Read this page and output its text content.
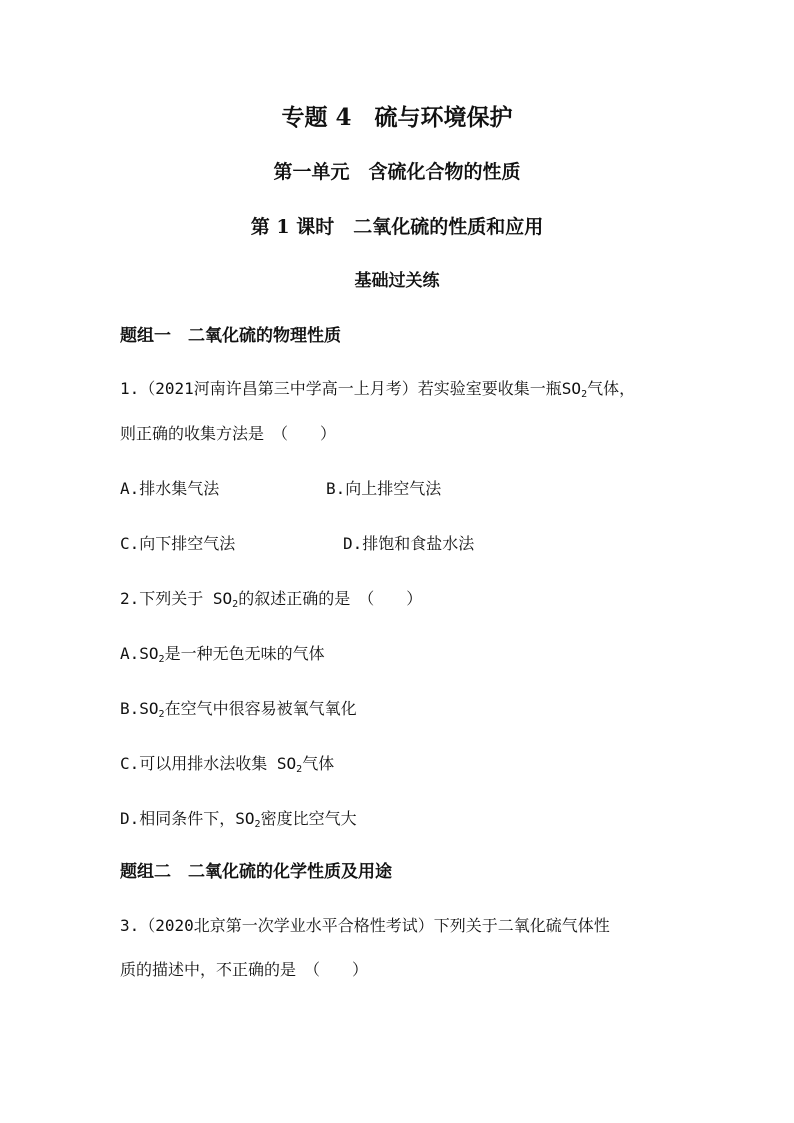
专题 4　硫与环境保护
第一单元　含硫化合物的性质
第 1 课时　二氧化硫的性质和应用
基础过关练
题组一　二氧化硫的物理性质
1.（2021河南许昌第三中学高一上月考）若实验室要收集一瓶$SO_2$气体，
则正确的收集方法是　（　　）
A.排水集气法	B.向上排空气法
C.向下排空气法	D.排饱和食盐水法
2.下列关于 $SO_2$的叙述正确的是　（　　）
$A.SO_2$是一种无色无味的气体
$B.SO_2$在空气中很容易被氧气氧化
C.可以用排水法收集 $SO_2$气体
D.相同条件下，$SO_2$密度比空气大
题组二　二氧化硫的化学性质及用途
3.（2020北京第一次学业水平合格性考试）下列关于二氧化硫气体性
质的描述中，不正确的是　（　　）
